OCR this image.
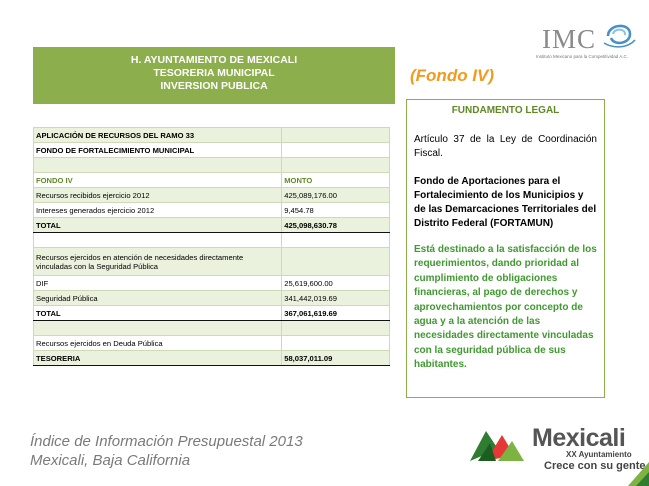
IMC
Instituto Mexicano para la Competitividad A.C.
H. AYUNTAMIENTO DE MEXICALI
TESORERIA MUNICIPAL
INVERSION PUBLICA
APLICACIÓN DE RECURSOS DEL RAMO 33	
FONDO DE FORTALECIMIENTO MUNICIPAL	

FONDO IV	MONTO
Recursos recibidos ejercicio 2012	425,089,176.00
Intereses generados ejercicio 2012	9,454.78
TOTAL	425,098,630.78

Recursos ejercidos en atención de necesidades directamente vinculadas con la Seguridad Pública	
DIF	25,619,600.00
Seguridad Pública	341,442,019.69
TOTAL	367,061,619.69

Recursos ejercidos en Deuda Pública	
TESORERIA	58,037,011.09
(Fondo IV)
FUNDAMENTO LEGAL
Artículo 37 de la Ley de Coordinación Fiscal.
Fondo de Aportaciones para el Fortalecimiento de los Municipios y de las Demarcaciones Territoriales del Distrito Federal (FORTAMUN)
Está destinado a la satisfacción de los requerimientos, dando prioridad al cumplimiento de obligaciones financieras, al pago de derechos y aprovechamientos por concepto de agua y a la atención de las necesidades directamente vinculadas con la seguridad pública de sus habitantes.
Índice de Información Presupuestal 2013
Mexicali, Baja California
Mexicali
XX Ayuntamiento
Crece con su gente
